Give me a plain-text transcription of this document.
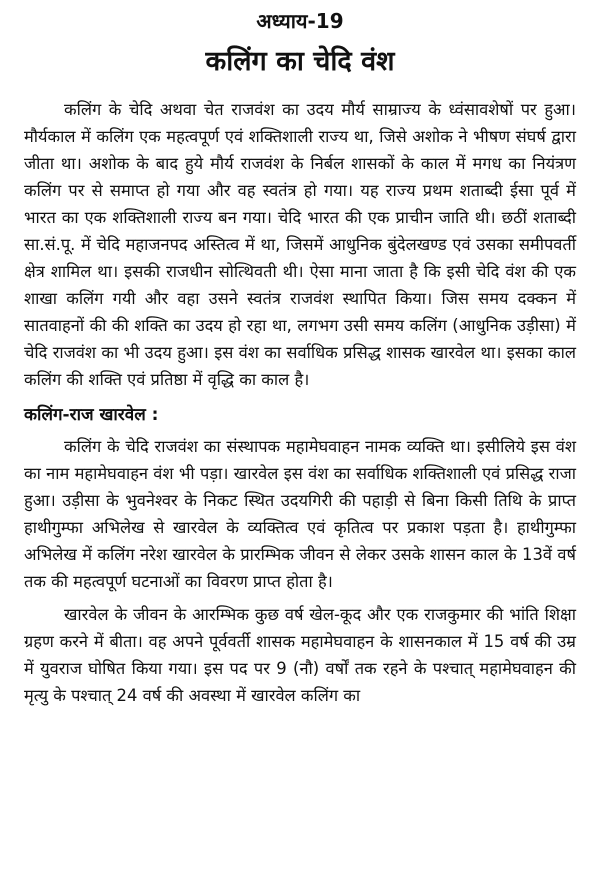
अध्याय-19
कलिंग का चेदि वंश

कलिंग के चेदि अथवा चेत राजवंश का उदय मौर्य साम्राज्य के ध्वंसावशेषों पर हुआ। मौर्यकाल में कलिंग एक महत्वपूर्ण एवं शक्तिशाली राज्य था, जिसे अशोक ने भीषण संघर्ष द्वारा जीता था। अशोक के बाद हुये मौर्य राजवंश के निर्बल शासकों के काल में मगध का नियंत्रण कलिंग पर से समाप्त हो गया और वह स्वतंत्र हो गया। यह राज्य प्रथम शताब्दी ईसा पूर्व में भारत का एक शक्तिशाली राज्य बन गया। चेदि भारत की एक प्राचीन जाति थी। छठीं शताब्दी सा.सं.पू. में चेदि महाजनपद अस्तित्व में था, जिसमें आधुनिक बुंदेलखण्ड एवं उसका समीपवर्ती क्षेत्र शामिल था। इसकी राजधीन सोत्थिवती थी। ऐसा माना जाता है कि इसी चेदि वंश की एक शाखा कलिंग गयी और वहा उसने स्वतंत्र राजवंश स्थापित किया। जिस समय दक्कन में सातवाहनों की की शक्ति का उदय हो रहा था, लगभग उसी समय कलिंग (आधुनिक उड़ीसा) में चेदि राजवंश का भी उदय हुआ। इस वंश का सर्वाधिक प्रसिद्ध शासक खारवेल था। इसका काल कलिंग की शक्ति एवं प्रतिष्ठा में वृद्धि का काल है।

कलिंग-राज खारवेल :

कलिंग के चेदि राजवंश का संस्थापक महामेघवाहन नामक व्यक्ति था। इसीलिये इस वंश का नाम महामेघवाहन वंश भी पड़ा। खारवेल इस वंश का सर्वाधिक शक्तिशाली एवं प्रसिद्ध राजा हुआ। उड़ीसा के भुवनेश्वर के निकट स्थित उदयगिरी की पहाड़ी से बिना किसी तिथि के प्राप्त हाथीगुम्फा अभिलेख से खारवेल के व्यक्तित्व एवं कृतित्व पर प्रकाश पड़ता है। हाथीगुम्फा अभिलेख में कलिंग नरेश खारवेल के प्रारम्भिक जीवन से लेकर उसके शासन काल के 13वें वर्ष तक की महत्वपूर्ण घटनाओं का विवरण प्राप्त होता है।

खारवेल के जीवन के आरम्भिक कुछ वर्ष खेल-कूद और एक राजकुमार की भांति शिक्षा ग्रहण करने में बीता। वह अपने पूर्ववर्ती शासक महामेघवाहन के शासनकाल में 15 वर्ष की उम्र में युवराज घोषित किया गया। इस पद पर 9 (नौ) वर्षों तक रहने के पश्चात् महामेघवाहन की मृत्यु के पश्चात् 24 वर्ष की अवस्था में खारवेल कलिंग का
